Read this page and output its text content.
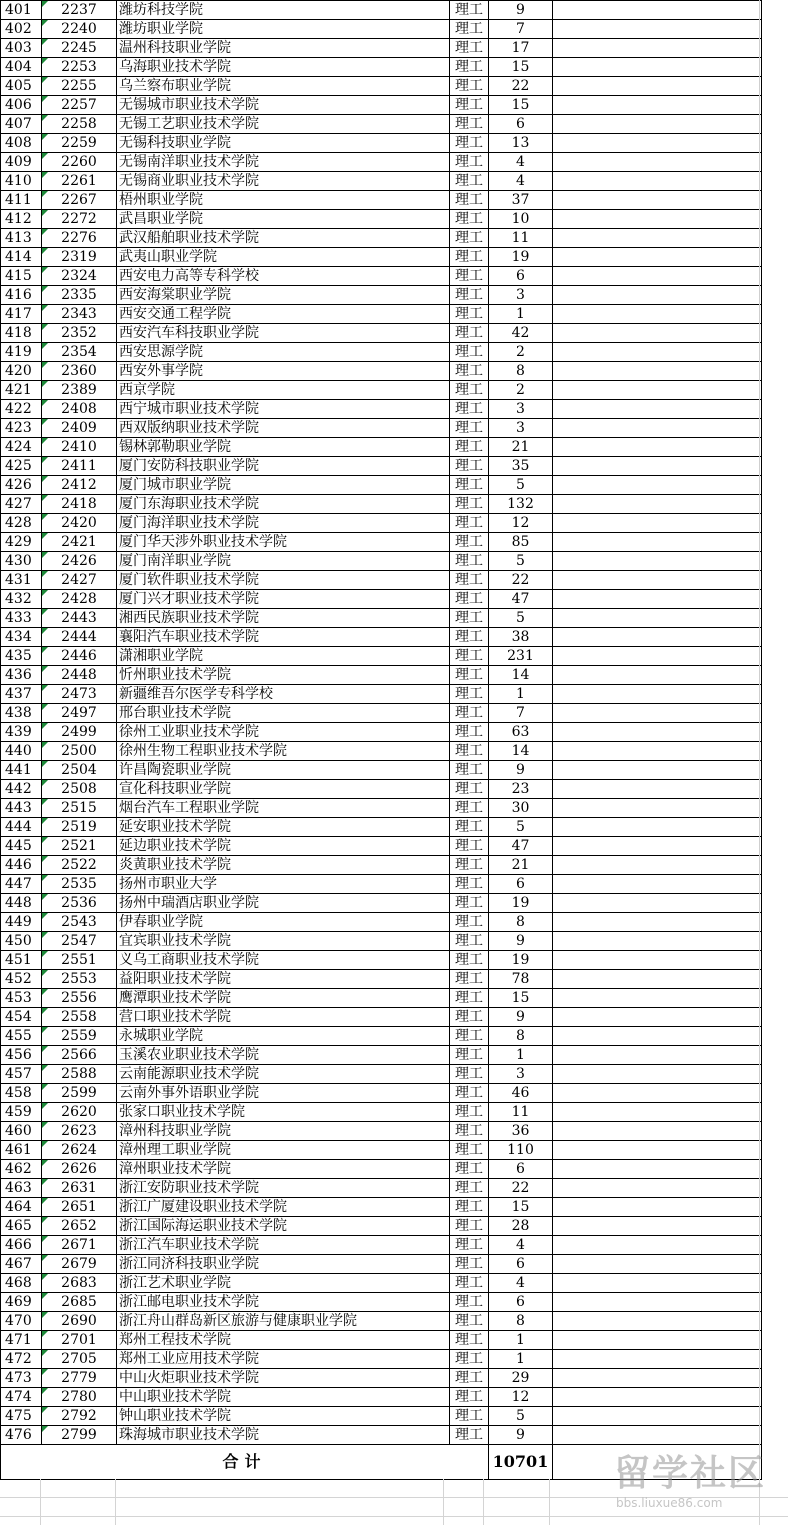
401	2237	潍坊科技学院	理工	9	
402	2240	潍坊职业学院	理工	7	
403	2245	温州科技职业学院	理工	17	
404	2253	乌海职业技术学院	理工	15	
405	2255	乌兰察布职业学院	理工	22	
406	2257	无锡城市职业技术学院	理工	15	
407	2258	无锡工艺职业技术学院	理工	6	
408	2259	无锡科技职业学院	理工	13	
409	2260	无锡南洋职业技术学院	理工	4	
410	2261	无锡商业职业技术学院	理工	4	
411	2267	梧州职业学院	理工	37	
412	2272	武昌职业学院	理工	10	
413	2276	武汉船舶职业技术学院	理工	11	
414	2319	武夷山职业学院	理工	19	
415	2324	西安电力高等专科学校	理工	6	
416	2335	西安海棠职业学院	理工	3	
417	2343	西安交通工程学院	理工	1	
418	2352	西安汽车科技职业学院	理工	42	
419	2354	西安思源学院	理工	2	
420	2360	西安外事学院	理工	8	
421	2389	西京学院	理工	2	
422	2408	西宁城市职业技术学院	理工	3	
423	2409	西双版纳职业技术学院	理工	3	
424	2410	锡林郭勒职业学院	理工	21	
425	2411	厦门安防科技职业学院	理工	35	
426	2412	厦门城市职业学院	理工	5	
427	2418	厦门东海职业技术学院	理工	132	
428	2420	厦门海洋职业技术学院	理工	12	
429	2421	厦门华天涉外职业技术学院	理工	85	
430	2426	厦门南洋职业学院	理工	5	
431	2427	厦门软件职业技术学院	理工	22	
432	2428	厦门兴才职业技术学院	理工	47	
433	2443	湘西民族职业技术学院	理工	5	
434	2444	襄阳汽车职业技术学院	理工	38	
435	2446	潇湘职业学院	理工	231	
436	2448	忻州职业技术学院	理工	14	
437	2473	新疆维吾尔医学专科学校	理工	1	
438	2497	邢台职业技术学院	理工	7	
439	2499	徐州工业职业技术学院	理工	63	
440	2500	徐州生物工程职业技术学院	理工	14	
441	2504	许昌陶瓷职业学院	理工	9	
442	2508	宣化科技职业学院	理工	23	
443	2515	烟台汽车工程职业学院	理工	30	
444	2519	延安职业技术学院	理工	5	
445	2521	延边职业技术学院	理工	47	
446	2522	炎黄职业技术学院	理工	21	
447	2535	扬州市职业大学	理工	6	
448	2536	扬州中瑞酒店职业学院	理工	19	
449	2543	伊春职业学院	理工	8	
450	2547	宜宾职业技术学院	理工	9	
451	2551	义乌工商职业技术学院	理工	19	
452	2553	益阳职业技术学院	理工	78	
453	2556	鹰潭职业技术学院	理工	15	
454	2558	营口职业技术学院	理工	9	
455	2559	永城职业学院	理工	8	
456	2566	玉溪农业职业技术学院	理工	1	
457	2588	云南能源职业技术学院	理工	3	
458	2599	云南外事外语职业学院	理工	46	
459	2620	张家口职业技术学院	理工	11	
460	2623	漳州科技职业学院	理工	36	
461	2624	漳州理工职业学院	理工	110	
462	2626	漳州职业技术学院	理工	6	
463	2631	浙江安防职业技术学院	理工	22	
464	2651	浙江广厦建设职业技术学院	理工	15	
465	2652	浙江国际海运职业技术学院	理工	28	
466	2671	浙江汽车职业技术学院	理工	4	
467	2679	浙江同济科技职业学院	理工	6	
468	2683	浙江艺术职业学院	理工	4	
469	2685	浙江邮电职业技术学院	理工	6	
470	2690	浙江舟山群岛新区旅游与健康职业学院	理工	8	
471	2701	郑州工程技术学院	理工	1	
472	2705	郑州工业应用技术学院	理工	1	
473	2779	中山火炬职业技术学院	理工	29	
474	2780	中山职业技术学院	理工	12	
475	2792	钟山职业技术学院	理工	5	
476	2799	珠海城市职业技术学院	理工	9	
合计				10701	留学社区
bbs.liuxue86.com
